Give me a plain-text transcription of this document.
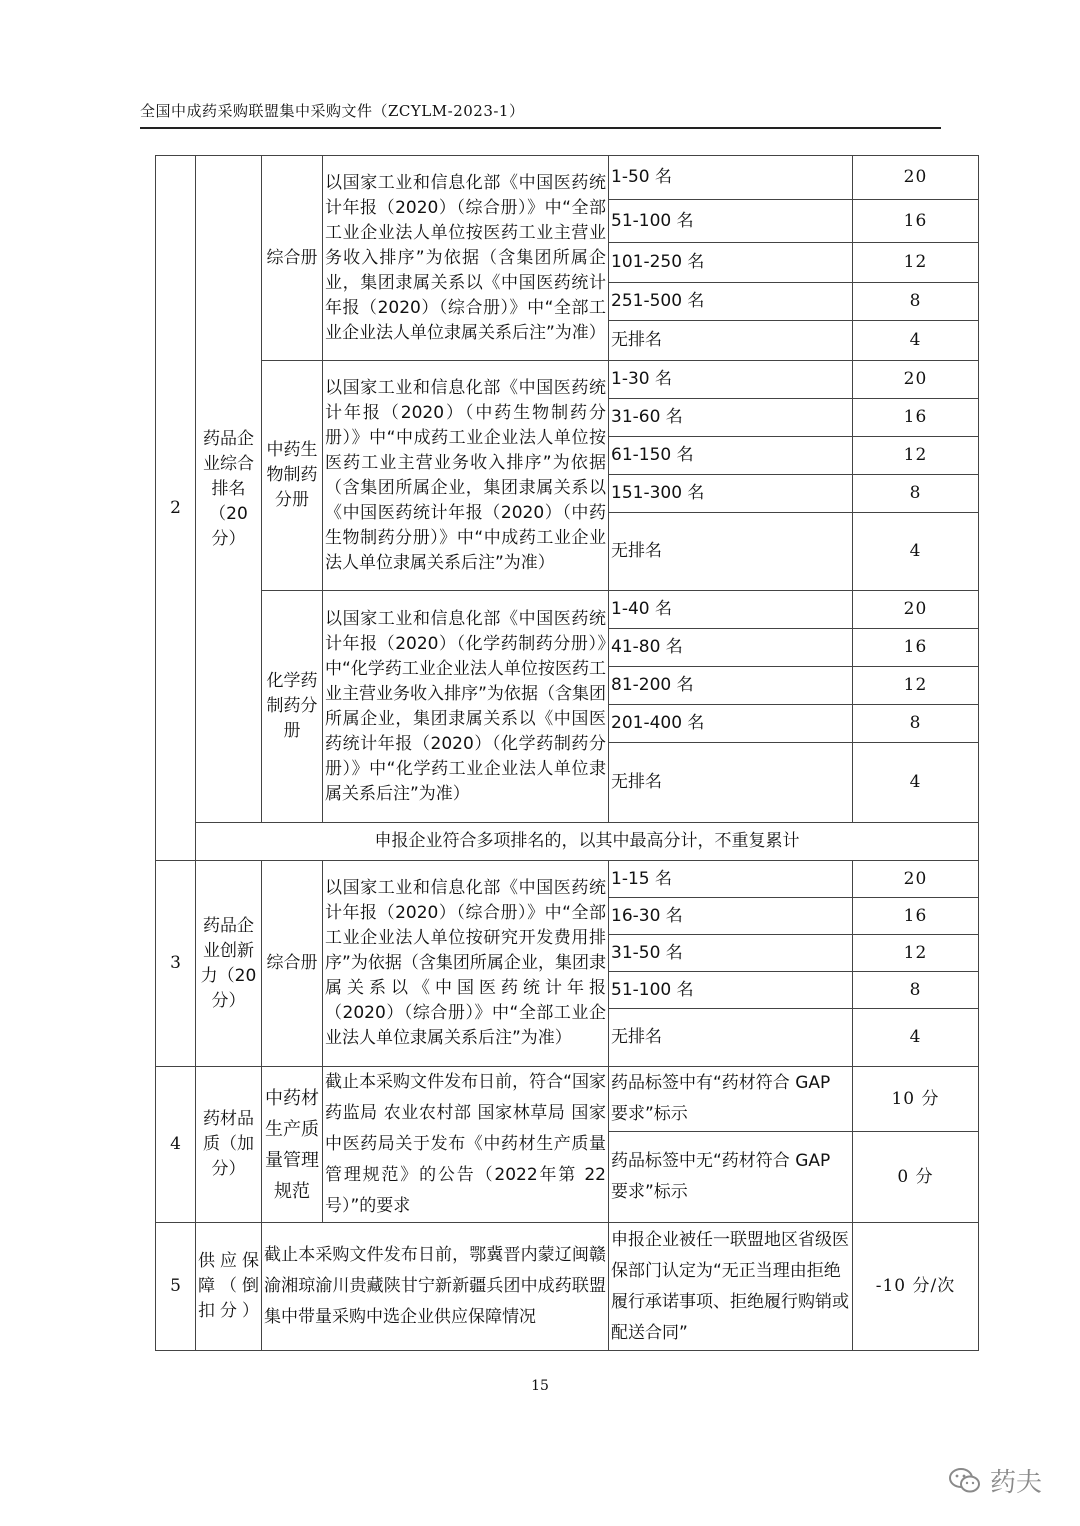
全国中成药采购联盟集中采购文件（ZCYLM-2023-1）
2	药品企业综合排名（20分）	综合册	以国家工业和信息化部《中国医药统计年报（2020）（综合册）》中“全部工业企业法人单位按医药工业主营业务收入排序”为依据（含集团所属企业，集团隶属关系以《中国医药统计年报（2020）（综合册）》中“全部工业企业法人单位隶属关系后注”为准）	1-50 名	20
				51-100 名	16
				101-250 名	12
				251-500 名	8
				无排名	4
		中药生物制药分册	以国家工业和信息化部《中国医药统计年报（2020）（中药生物制药分册）》中“中成药工业企业法人单位按医药工业主营业务收入排序”为依据（含集团所属企业，集团隶属关系以《中国医药统计年报（2020）（中药生物制药分册）》中“中成药工业企业法人单位隶属关系后注”为准）	1-30 名	20
				31-60 名	16
				61-150 名	12
				151-300 名	8
				无排名	4
		化学药制药分册	以国家工业和信息化部《中国医药统计年报（2020）（化学药制药分册）》中“化学药工业企业法人单位按医药工业主营业务收入排序”为依据（含集团所属企业，集团隶属关系以《中国医药统计年报（2020）（化学药制药分册）》中“化学药工业企业法人单位隶属关系后注”为准）	1-40 名	20
				41-80 名	16
				81-200 名	12
				201-400 名	8
				无排名	4
	申报企业符合多项排名的，以其中最高分计，不重复累计				
3	药品企业创新力（20分）	综合册	以国家工业和信息化部《中国医药统计年报（2020）（综合册）》中“全部工业企业法人单位按研究开发费用排序”为依据（含集团所属企业，集团隶属关系以《中国医药统计年报（2020）（综合册）》中“全部工业企业法人单位隶属关系后注”为准）	1-15 名	20
				16-30 名	16
				31-50 名	12
				51-100 名	8
				无排名	4
4	药材品质（加分）	中药材生产质量管理规范	截止本采购文件发布日前，符合“国家药监局 农业农村部 国家林草局 国家中医药局关于发布《中药材生产质量管理规范》的公告（2022年第 22 号）”的要求	药品标签中有“药材符合 GAP 要求”标示	10 分
				药品标签中无“药材符合 GAP 要求”标示	0 分
5	供应保障（倒扣分）	截止本采购文件发布日前，鄂冀晋内蒙辽闽赣渝湘琼渝川贵藏陕甘宁新新疆兵团中成药联盟集中带量采购中选企业供应保障情况		申报企业被任一联盟地区省级医保部门认定为“无正当理由拒绝履行承诺事项、拒绝履行购销或配送合同”	-10 分/次
15
药夫
